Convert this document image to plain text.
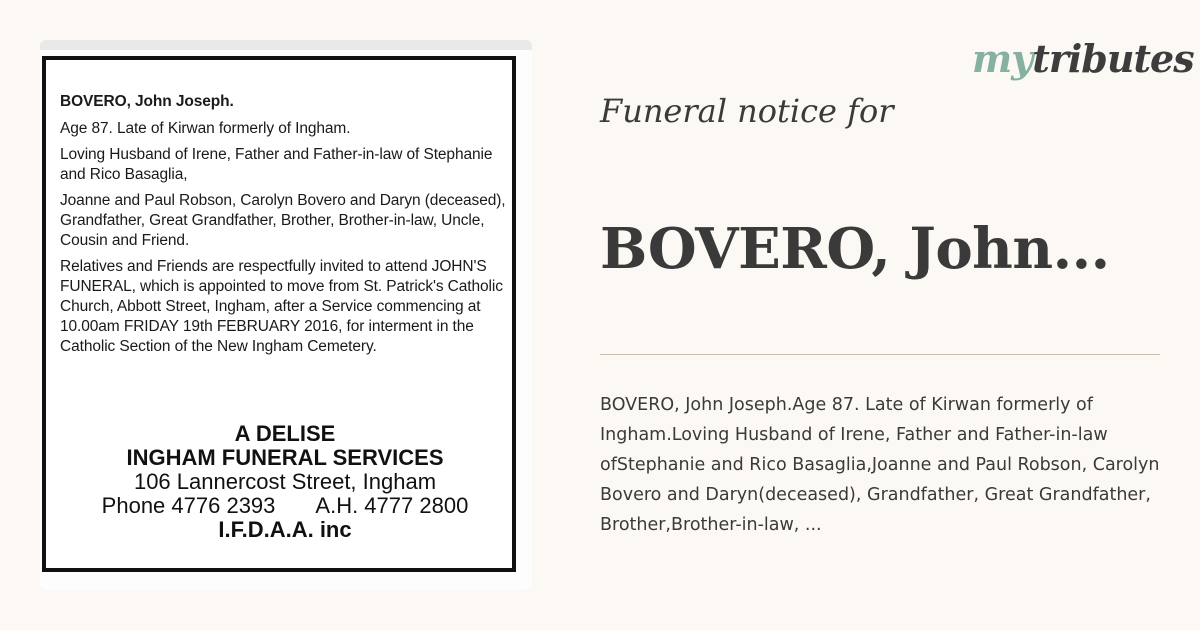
BOVERO, John Joseph.

Age 87. Late of Kirwan formerly of Ingham.

Loving Husband of Irene, Father and Father-in-law of Stephanie and Rico Basaglia,

Joanne and Paul Robson, Carolyn Bovero and Daryn (deceased), Grandfather, Great Grandfather, Brother, Brother-in-law, Uncle, Cousin and Friend.

Relatives and Friends are respectfully invited to attend JOHN'S FUNERAL, which is appointed to move from St. Patrick's Catholic Church, Abbott Street, Ingham, after a Service commencing at 10.00am FRIDAY 19th FEBRUARY 2016, for interment in the Catholic Section of the New Ingham Cemetery.

A DELISE
INGHAM FUNERAL SERVICES
106 Lannercost Street, Ingham
Phone 4776 2393 A.H. 4777 2800
I.F.D.A.A. inc
mytributes
Funeral notice for
BOVERO, John...
BOVERO, John Joseph.Age 87. Late of Kirwan formerly of Ingham.Loving Husband of Irene, Father and Father-in-law ofStephanie and Rico Basaglia,Joanne and Paul Robson, Carolyn Bovero and Daryn(deceased), Grandfather, Great Grandfather, Brother,Brother-in-law, ...
